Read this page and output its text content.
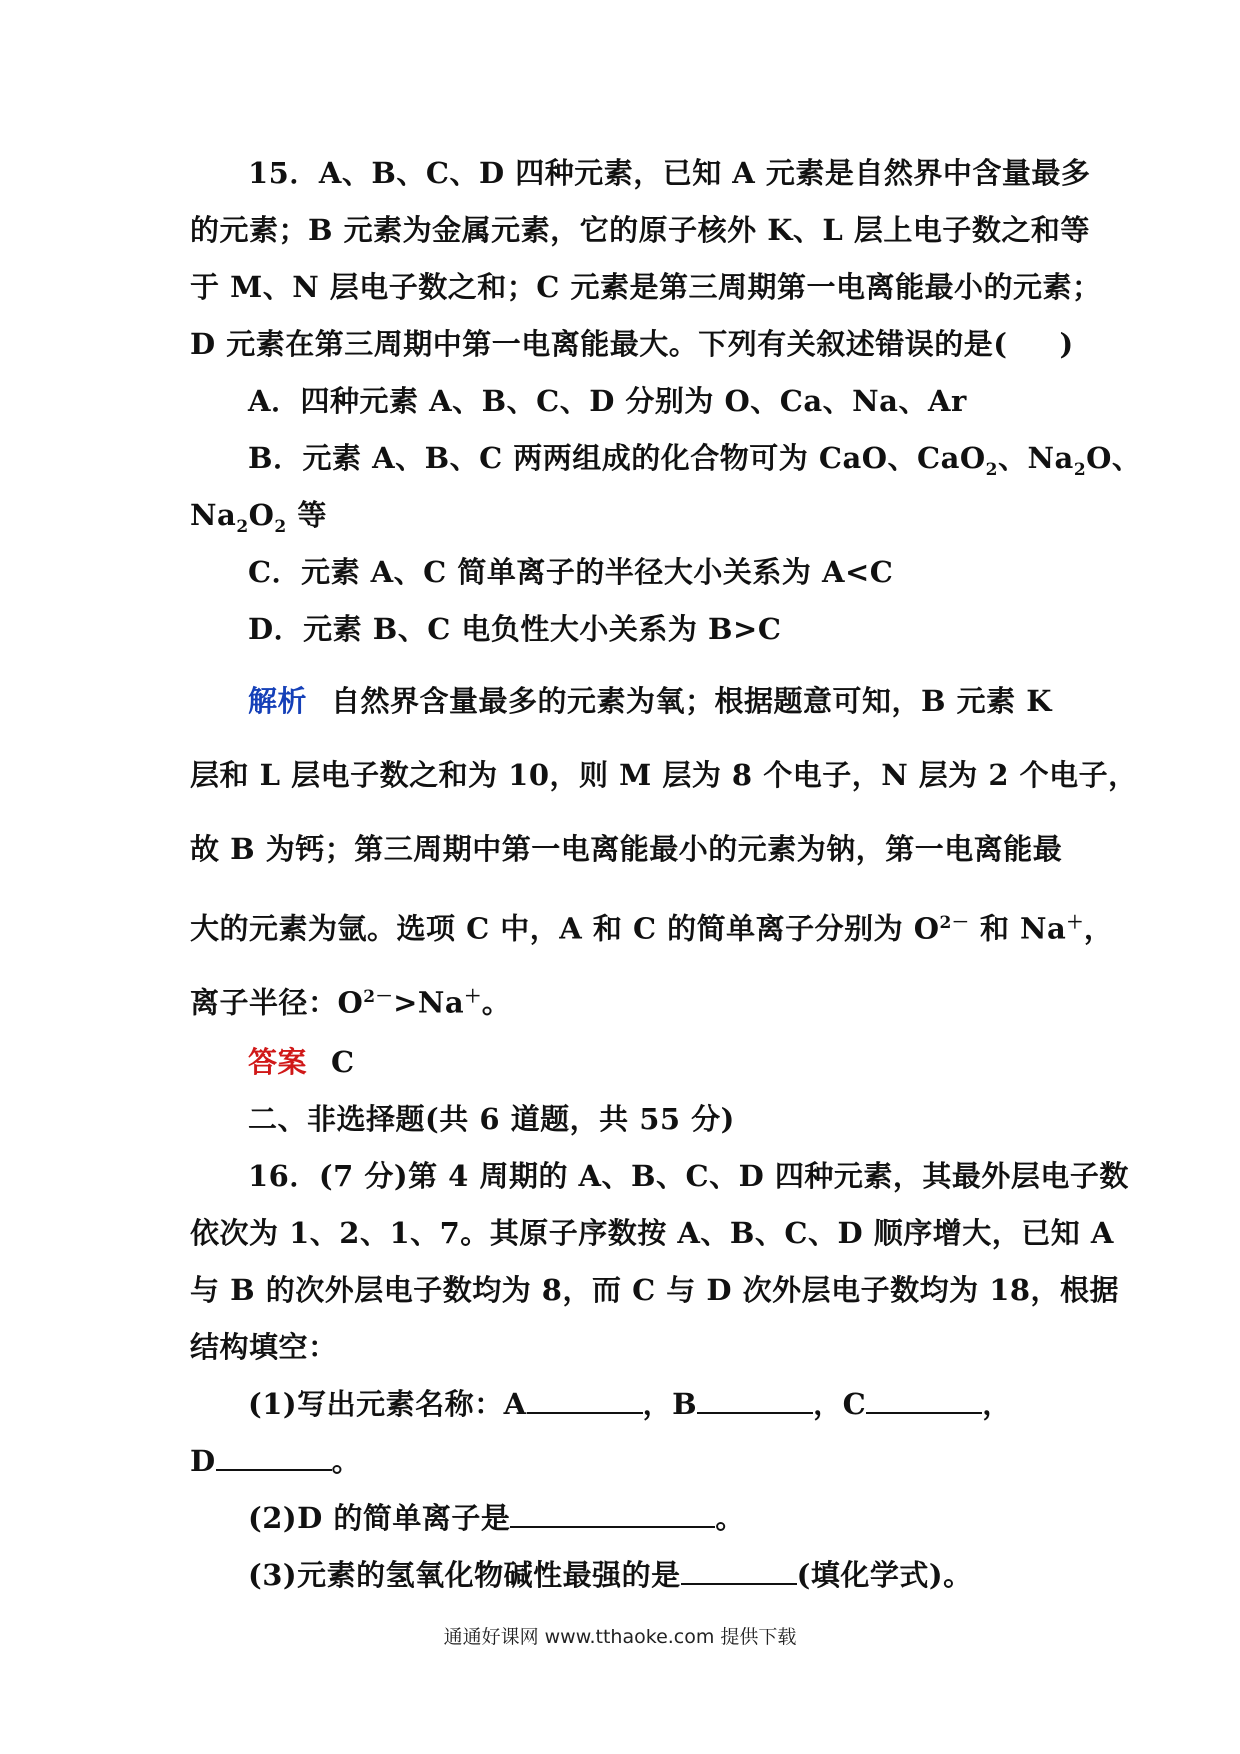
15．A、B、C、D 四种元素，已知 A 元素是自然界中含量最多
的元素；B 元素为金属元素，它的原子核外 K、L 层上电子数之和等
于 M、N 层电子数之和；C 元素是第三周期第一电离能最小的元素；
D 元素在第三周期中第一电离能最大。下列有关叙述错误的是( )
A．四种元素 A、B、C、D 分别为 O、Ca、Na、Ar
B．元素 A、B、C 两两组成的化合物可为 CaO、CaO$_2$、$Na_2O$、
$Na_2O_2$ 等
C．元素 A、C 简单离子的半径大小关系为 A<C
D．元素 B、C 电负性大小关系为 B>C
解析 自然界含量最多的元素为氧；根据题意可知，B 元素 K
层和 L 层电子数之和为 10，则 M 层为 8 个电子，N 层为 2 个电子，
故 B 为钙；第三周期中第一电离能最小的元素为钠，第一电离能最
大的元素为氩。选项 C 中，A 和 C 的简单离子分别为 $O^{2-}$ 和 Na＋，
离子半径：$O^{2-}>Na^+$。
答案 C
二、非选择题(共 6 道题，共 55 分)
16．(7 分)第 4 周期的 A、B、C、D 四种元素，其最外层电子数
依次为 1、2、1、7。其原子序数按 A、B、C、D 顺序增大，已知 A
与 B 的次外层电子数均为 8，而 C 与 D 次外层电子数均为 18，根据
结构填空：
(1)写出元素名称：A	，B	，C	，
D	。
(2)D 的简单离子是	。
(3)元素的氢氧化物碱性最强的是	(填化学式)。
通通好课网 www.tthaoke.com 提供下载
